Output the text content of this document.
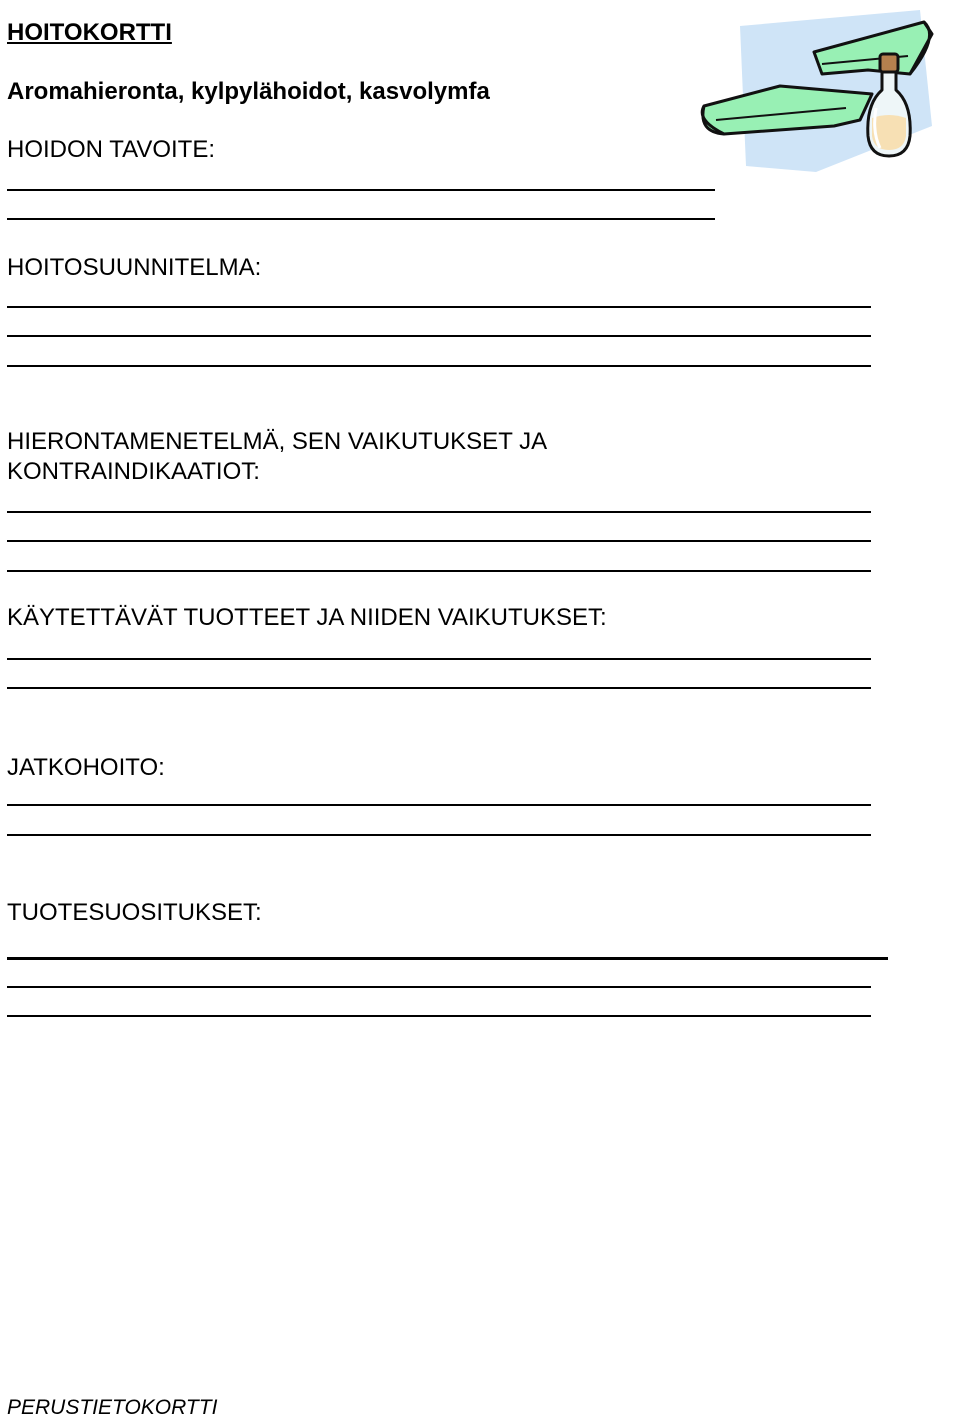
HOITOKORTTI
Aromahieronta, kylpylähoidot, kasvolymfa
HOIDON TAVOITE:
HOITOSUUNNITELMA:
HIERONTAMENETELMÄ, SEN VAIKUTUKSET JA
KONTRAINDIKAATIOT:
KÄYTETTÄVÄT TUOTTEET JA NIIDEN VAIKUTUKSET:
JATKOHOITO:
TUOTESUOSITUKSET:
PERUSTIETOKORTTI
